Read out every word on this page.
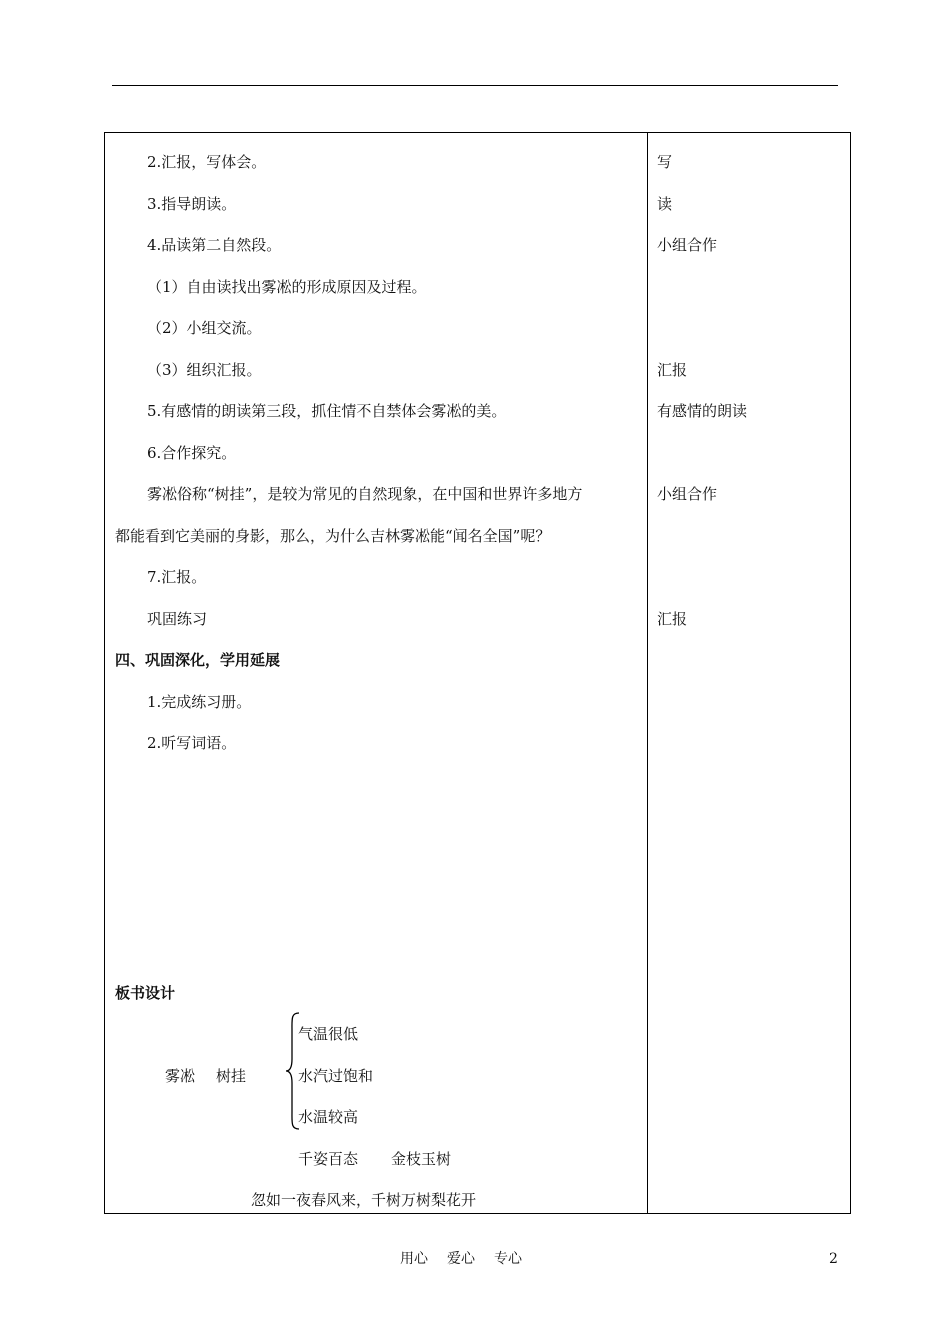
2.汇报，写体会。
3.指导朗读。
4.品读第二自然段。
（1）自由读找出雾凇的形成原因及过程。
（2）小组交流。
（3）组织汇报。
5.有感情的朗读第三段，抓住情不自禁体会雾凇的美。
6.合作探究。
雾凇俗称“树挂”，是较为常见的自然现象，在中国和世界许多地方
都能看到它美丽的身影，那么，为什么吉林雾凇能“闻名全国”呢？
7.汇报。
巩固练习
四、巩固深化，学用延展
1.完成练习册。
2.听写词语。
板书设计
雾凇 树挂
气温很低
水汽过饱和
水温较高
千姿百态 金枝玉树
忽如一夜春风来，千树万树梨花开
写
读
小组合作
汇报
有感情的朗读
小组合作
汇报
用心 爱心 专心	2
